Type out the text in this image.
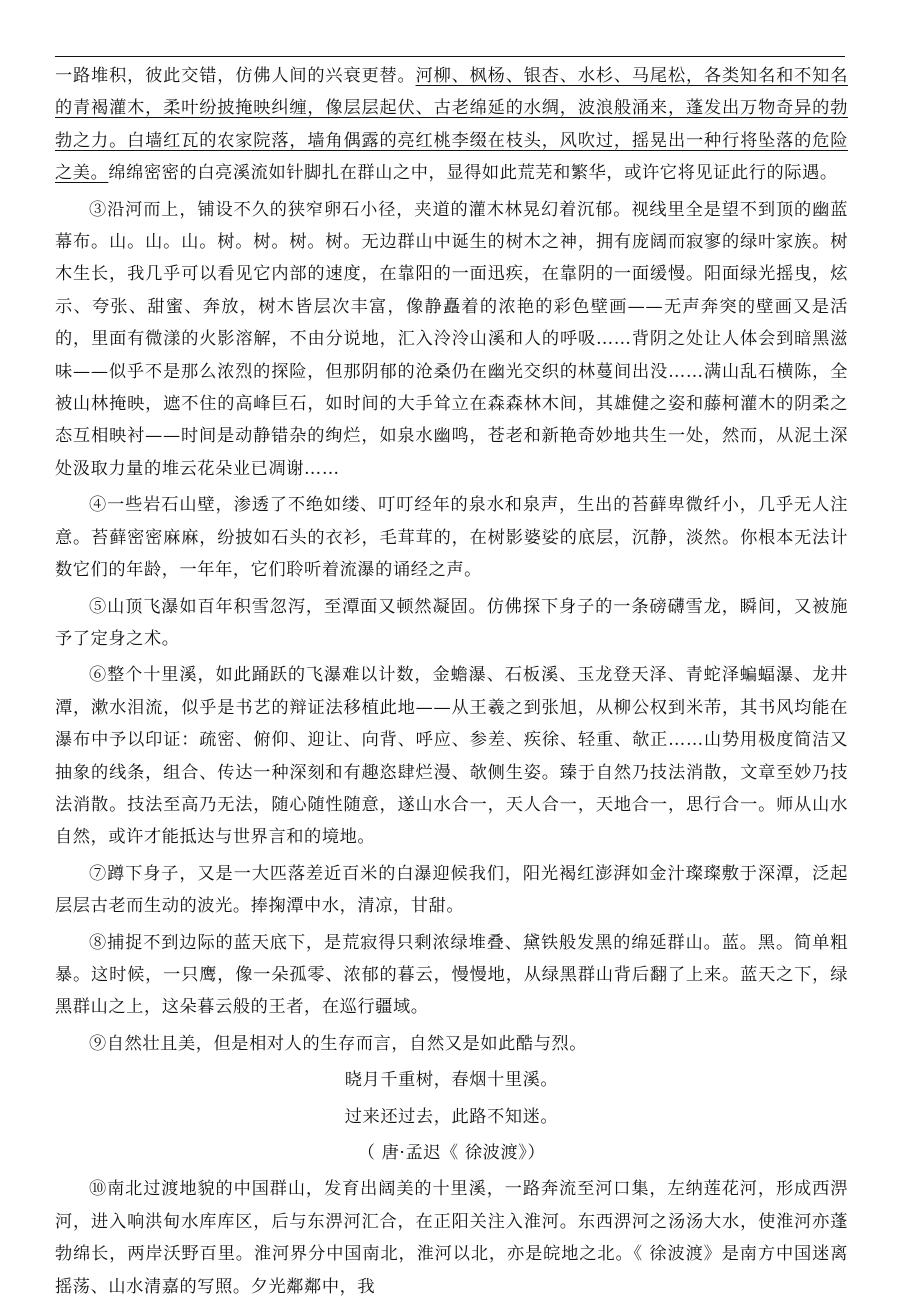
一路堆积，彼此交错，仿佛人间的兴衰更替。河柳、枫杨、银杏、水杉、马尾松，各类知名和不知名的青褐灌木，柔叶纷披掩映纠缠，像层层起伏、古老绵延的水绸，波浪般涌来，蓬发出万物奇异的勃勃之力。白墙红瓦的农家院落，墙角偶露的亮红桃李缀在枝头，风吹过，摇晃出一种行将坠落的危险之美。绵绵密密的白亮溪流如针脚扎在群山之中，显得如此荒芜和繁华，或许它将见证此行的际遇。

③沿河而上，铺设不久的狭窄卵石小径，夹道的灌木林晃幻着沉郁。视线里全是望不到顶的幽蓝幕布。山。山。山。树。树。树。树。无边群山中诞生的树木之神，拥有庞阔而寂寥的绿叶家族。树木生长，我几乎可以看见它内部的速度，在靠阳的一面迅疾，在靠阴的一面缓慢。阳面绿光摇曳，炫示、夸张、甜蜜、奔放，树木皆层次丰富，像静矗着的浓艳的彩色壁画——无声奔突的壁画又是活的，里面有微漾的火影溶解，不由分说地，汇入泠泠山溪和人的呼吸……背阴之处让人体会到暗黑滋味——似乎不是那么浓烈的探险，但那阴郁的沧桑仍在幽光交织的林蔓间出没……满山乱石横陈，全被山林掩映，遮不住的高峰巨石，如时间的大手耸立在森森林木间，其雄健之姿和藤柯灌木的阴柔之态互相映衬——时间是动静错杂的绚烂，如泉水幽鸣，苍老和新艳奇妙地共生一处，然而，从泥土深处汲取力量的堆云花朵业已凋谢……

④一些岩石山壁，渗透了不绝如缕、叮叮经年的泉水和泉声，生出的苔藓卑微纤小，几乎无人注意。苔藓密密麻麻，纷披如石头的衣衫，毛茸茸的，在树影婆娑的底层，沉静，淡然。你根本无法计数它们的年龄，一年年，它们聆听着流瀑的诵经之声。

⑤山顶飞瀑如百年积雪忽泻，至潭面又顿然凝固。仿佛探下身子的一条磅礴雪龙，瞬间，又被施予了定身之术。

⑥整个十里溪，如此踊跃的飞瀑难以计数，金蟾瀑、石板溪、玉龙登天泽、青蛇泽蝙蝠瀑、龙井潭，漱水泪流，似乎是书艺的辩证法移植此地——从王羲之到张旭，从柳公权到米芾，其书风均能在瀑布中予以印证：疏密、俯仰、迎让、向背、呼应、参差、疾徐、轻重、欹正……山势用极度简洁又抽象的线条，组合、传达一种深刻和有趣恣肆烂漫、欹侧生姿。臻于自然乃技法消散，文章至妙乃技法消散。技法至高乃无法，随心随性随意，遂山水合一，天人合一，天地合一，思行合一。师从山水自然，或许才能抵达与世界言和的境地。

⑦蹲下身子，又是一大匹落差近百米的白瀑迎候我们，阳光褐红澎湃如金汁璨璨敷于深潭，泛起层层古老而生动的波光。捧掬潭中水，清凉，甘甜。

⑧捕捉不到边际的蓝天底下，是荒寂得只剩浓绿堆叠、黛铁般发黑的绵延群山。蓝。黑。简单粗暴。这时候，一只鹰，像一朵孤零、浓郁的暮云，慢慢地，从绿黑群山背后翻了上来。蓝天之下，绿黑群山之上，这朵暮云般的王者，在巡行疆域。

⑨自然壮且美，但是相对人的生存而言，自然又是如此酷与烈。

晓月千重树，春烟十里溪。

过来还过去，此路不知迷。

（ 唐·孟迟《 徐波渡》）

⑩南北过渡地貌的中国群山，发育出阔美的十里溪，一路奔流至河口集，左纳莲花河，形成西淠河，进入响洪甸水库库区，后与东淠河汇合，在正阳关注入淮河。东西淠河之汤汤大水，使淮河亦蓬勃绵长，两岸沃野百里。淮河界分中国南北，淮河以北，亦是皖地之北。《 徐波渡》是南方中国迷离摇荡、山水清嘉的写照。夕光鄰鄰中，我
